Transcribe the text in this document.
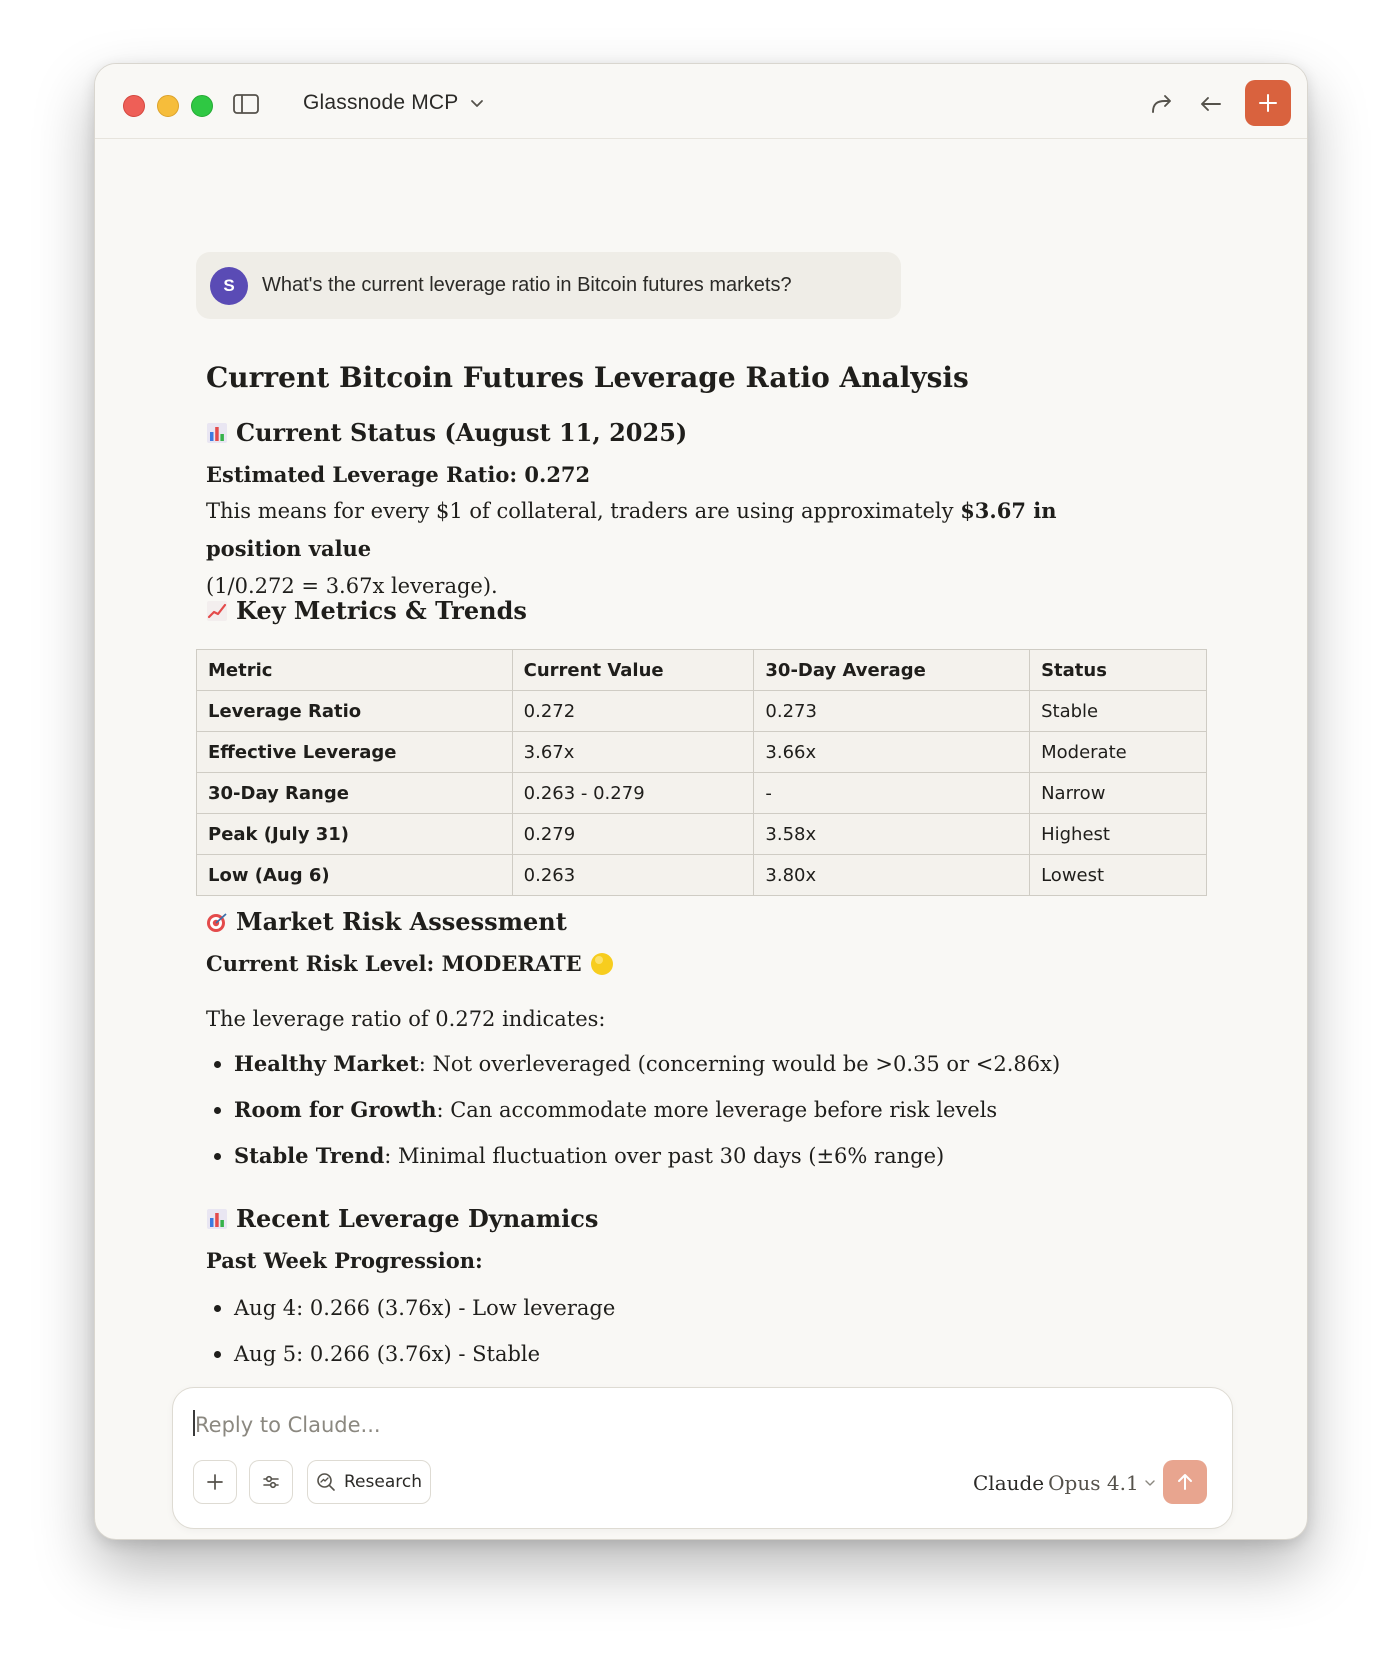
Glassnode MCP
S	What's the current leverage ratio in Bitcoin futures markets?
Current Bitcoin Futures Leverage Ratio Analysis
Current Status (August 11, 2025)
Estimated Leverage Ratio: 0.272
This means for every $1 of collateral, traders are using approximately $3.67 in position value
(1/0.272 = 3.67x leverage).
Key Metrics & Trends
Metric	Current Value	30-Day Average	Status
Leverage Ratio	0.272	0.273	Stable
Effective Leverage	3.67x	3.66x	Moderate
30-Day Range	0.263 - 0.279	-	Narrow
Peak (July 31)	0.279	3.58x	Highest
Low (Aug 6)	0.263	3.80x	Lowest
Market Risk Assessment
Current Risk Level: MODERATE
The leverage ratio of 0.272 indicates:
Healthy Market: Not overleveraged (concerning would be >0.35 or <2.86x)
Room for Growth: Can accommodate more leverage before risk levels
Stable Trend: Minimal fluctuation over past 30 days (±6% range)
Recent Leverage Dynamics
Past Week Progression:
Aug 4: 0.266 (3.76x) - Low leverage
Aug 5: 0.266 (3.76x) - Stable
Reply to Claude...
Research	Claude Opus 4.1
